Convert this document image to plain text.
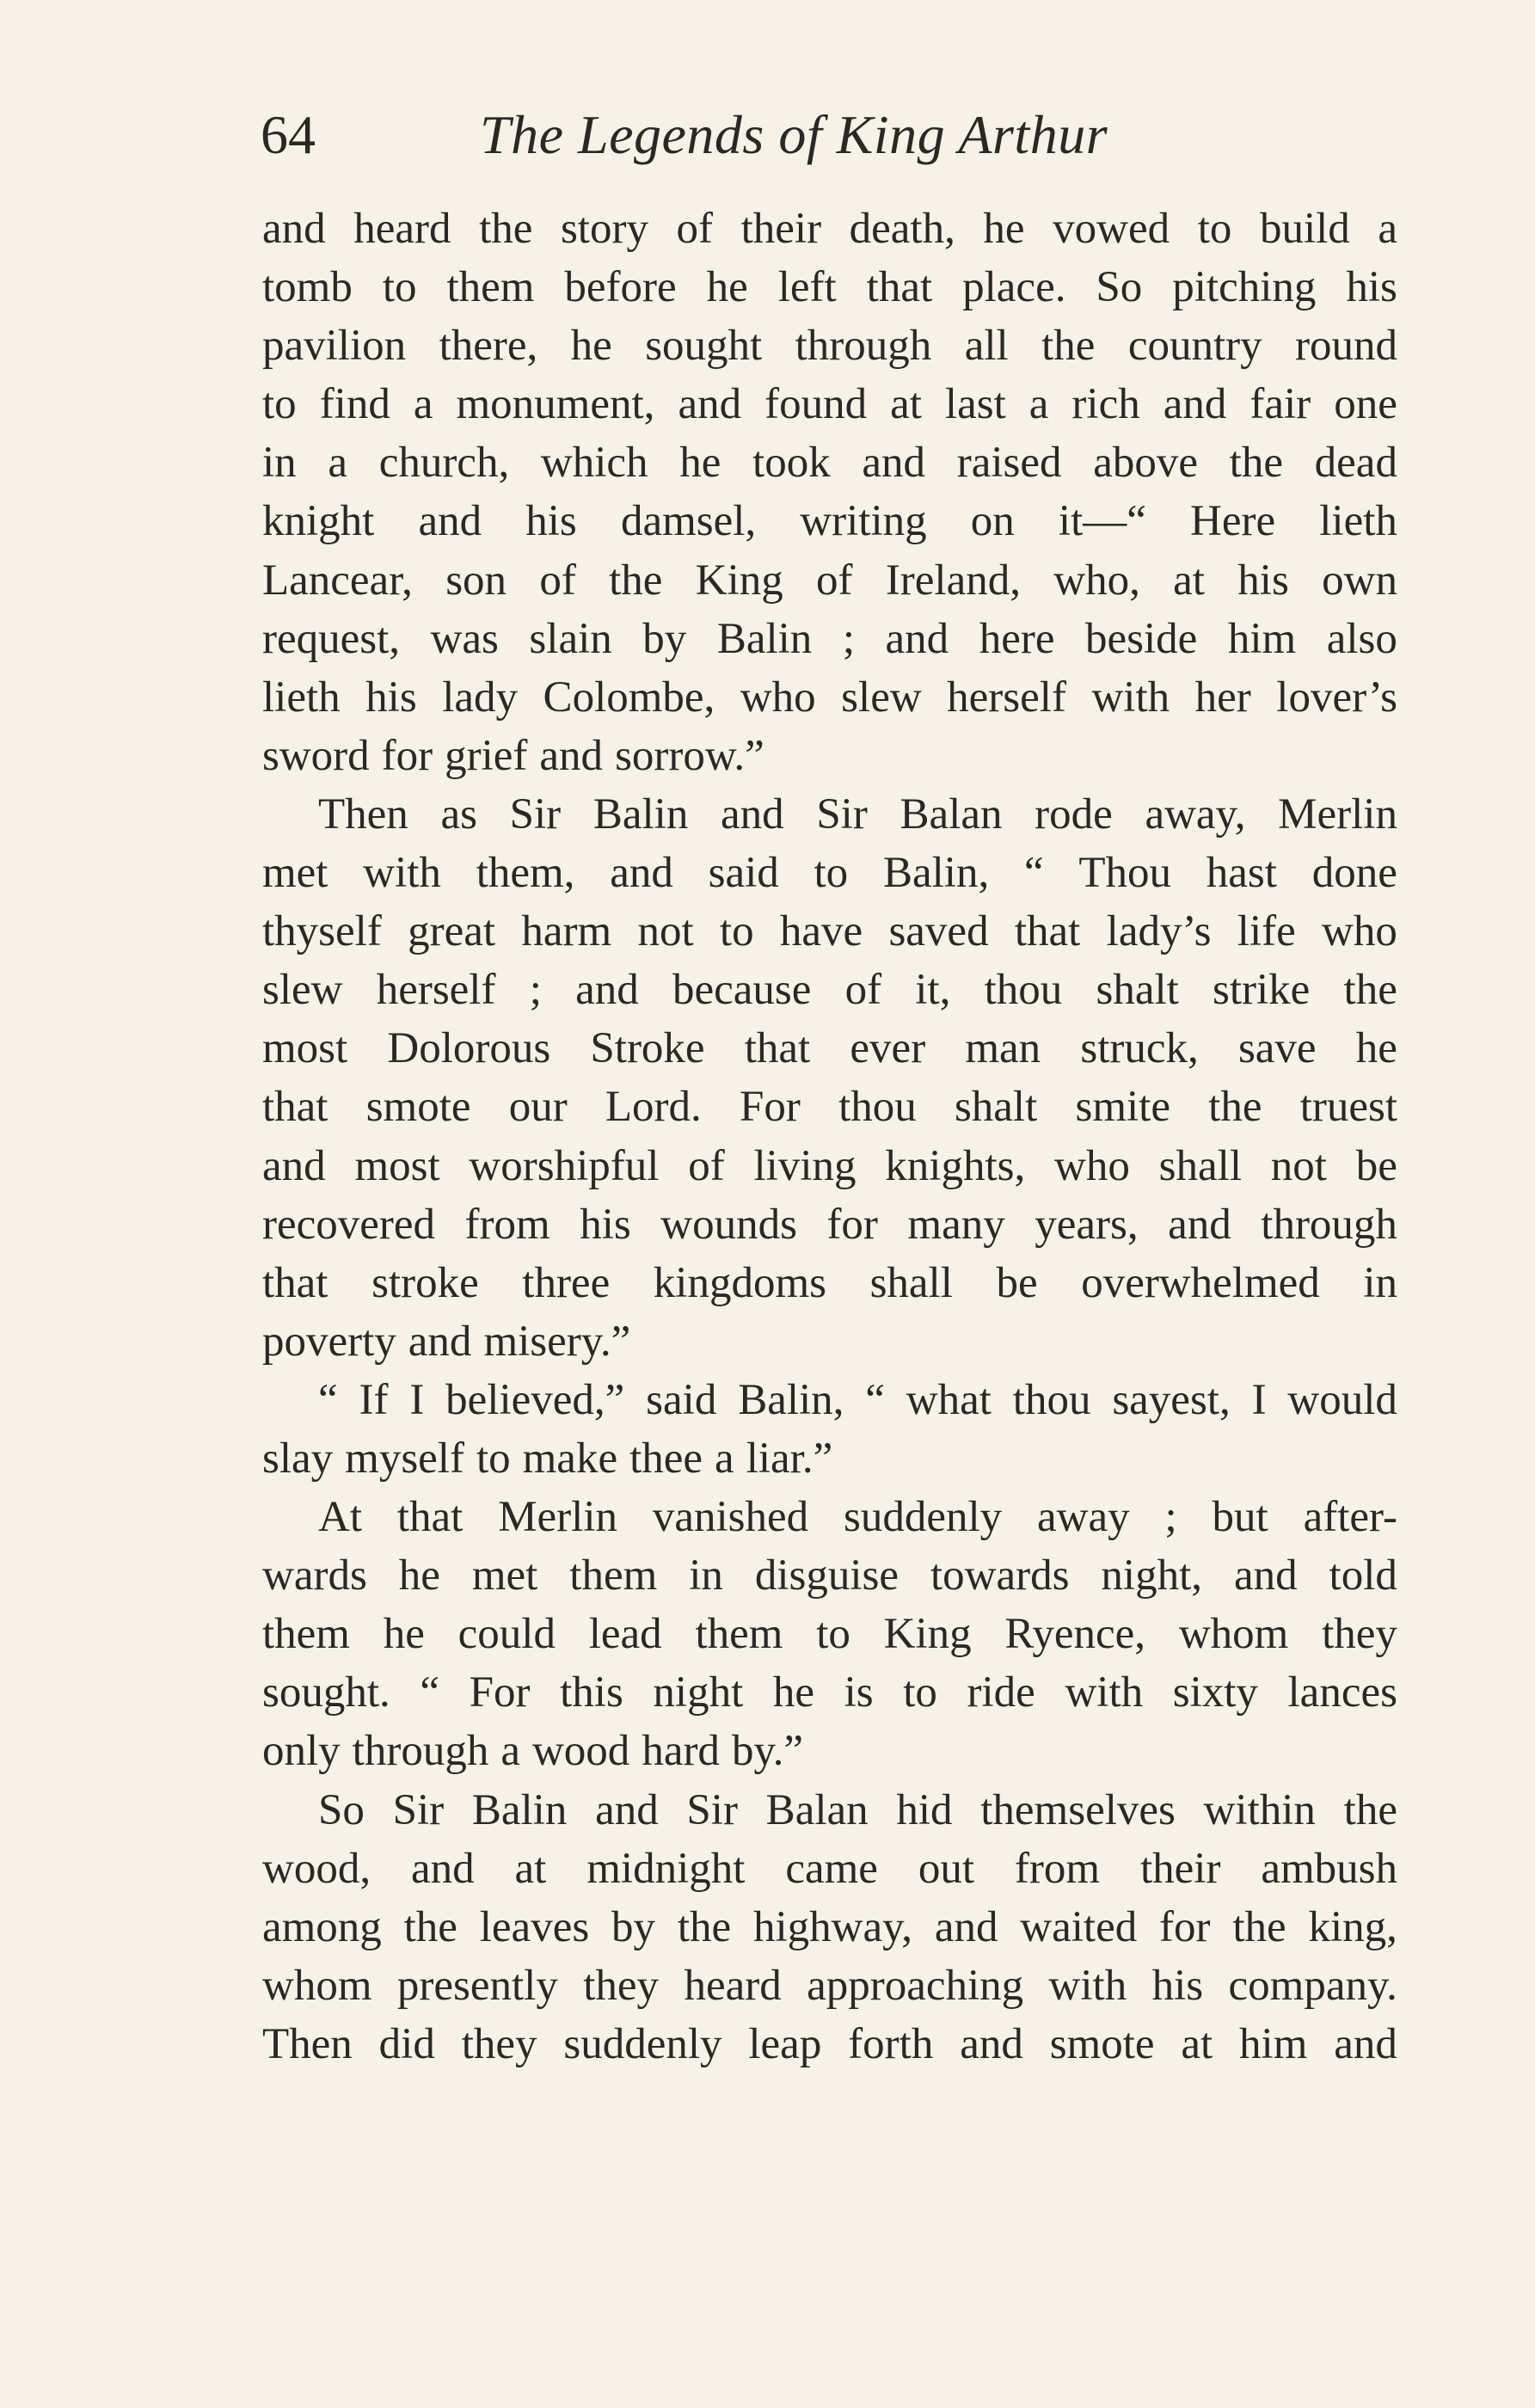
64	The Legends of King Arthur
and heard the story of their death, he vowed to build a
tomb to them before he left that place. So pitching his
pavilion there, he sought through all the country round
to find a monument, and found at last a rich and fair one
in a church, which he took and raised above the dead
knight and his damsel, writing on it—“ Here lieth
Lancear, son of the King of Ireland, who, at his own
request, was slain by Balin ; and here beside him also
lieth his lady Colombe, who slew herself with her lover’s
sword for grief and sorrow.”
Then as Sir Balin and Sir Balan rode away, Merlin
met with them, and said to Balin, “ Thou hast done
thyself great harm not to have saved that lady’s life who
slew herself ; and because of it, thou shalt strike the
most Dolorous Stroke that ever man struck, save he
that smote our Lord. For thou shalt smite the truest
and most worshipful of living knights, who shall not be
recovered from his wounds for many years, and through
that stroke three kingdoms shall be overwhelmed in
poverty and misery.”
“ If I believed,” said Balin, “ what thou sayest, I would
slay myself to make thee a liar.”
At that Merlin vanished suddenly away ; but after-
wards he met them in disguise towards night, and told
them he could lead them to King Ryence, whom they
sought. “ For this night he is to ride with sixty lances
only through a wood hard by.”
So Sir Balin and Sir Balan hid themselves within the
wood, and at midnight came out from their ambush
among the leaves by the highway, and waited for the king,
whom presently they heard approaching with his company.
Then did they suddenly leap forth and smote at him and
